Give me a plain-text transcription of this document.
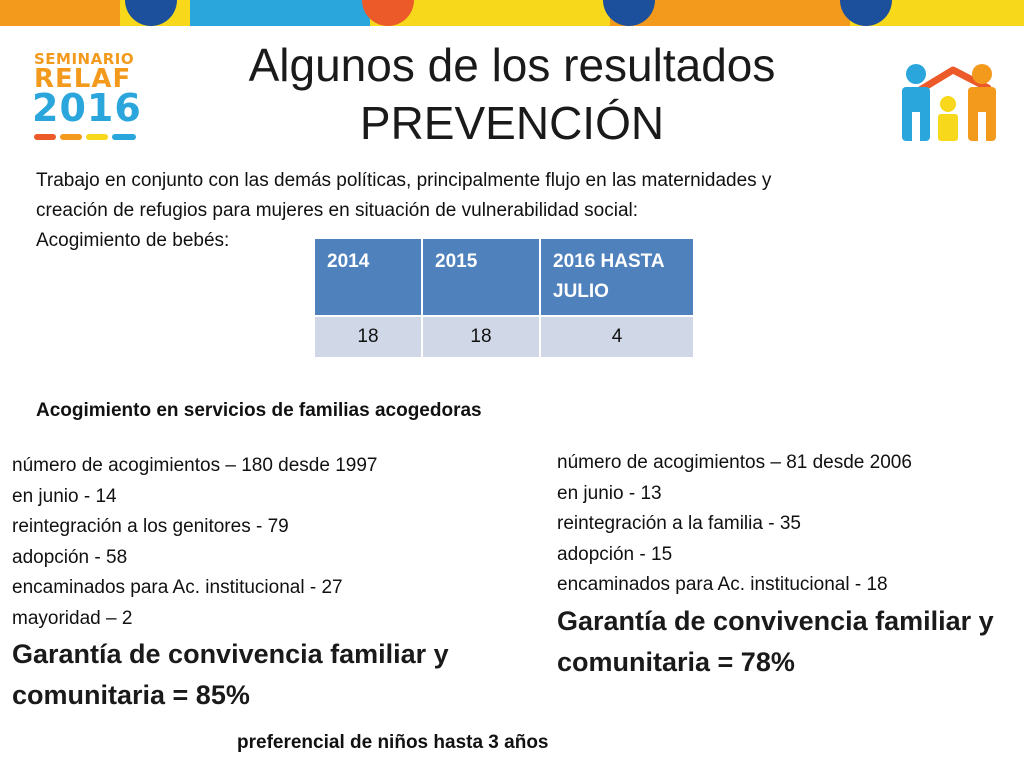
SEMINARIO
RELAF
2016
Algunos de los resultados
PREVENCIÓN

Trabajo en conjunto con las demás políticas, principalmente flujo en las maternidades y

creación de refugios para mujeres en situación de vulnerabilidad social:

Acogimiento de bebés:

2014	2015	2016 HASTA JULIO
18	18	4
Acogimiento en servicios de familias acogedoras
número de acogimientos – 180 desde 1997
en junio - 14
reintegración a los genitores - 79
adopción - 58
encaminados para Ac. institucional - 27
mayoridad – 2
Garantía de convivencia familiar y
comunitaria = 85%
número de acogimientos – 81 desde 2006
en junio - 13
reintegración a la familia - 35
adopción - 15
encaminados para Ac. institucional - 18
Garantía de convivencia familiar y
comunitaria = 78%
preferencial de niños hasta 3 años
